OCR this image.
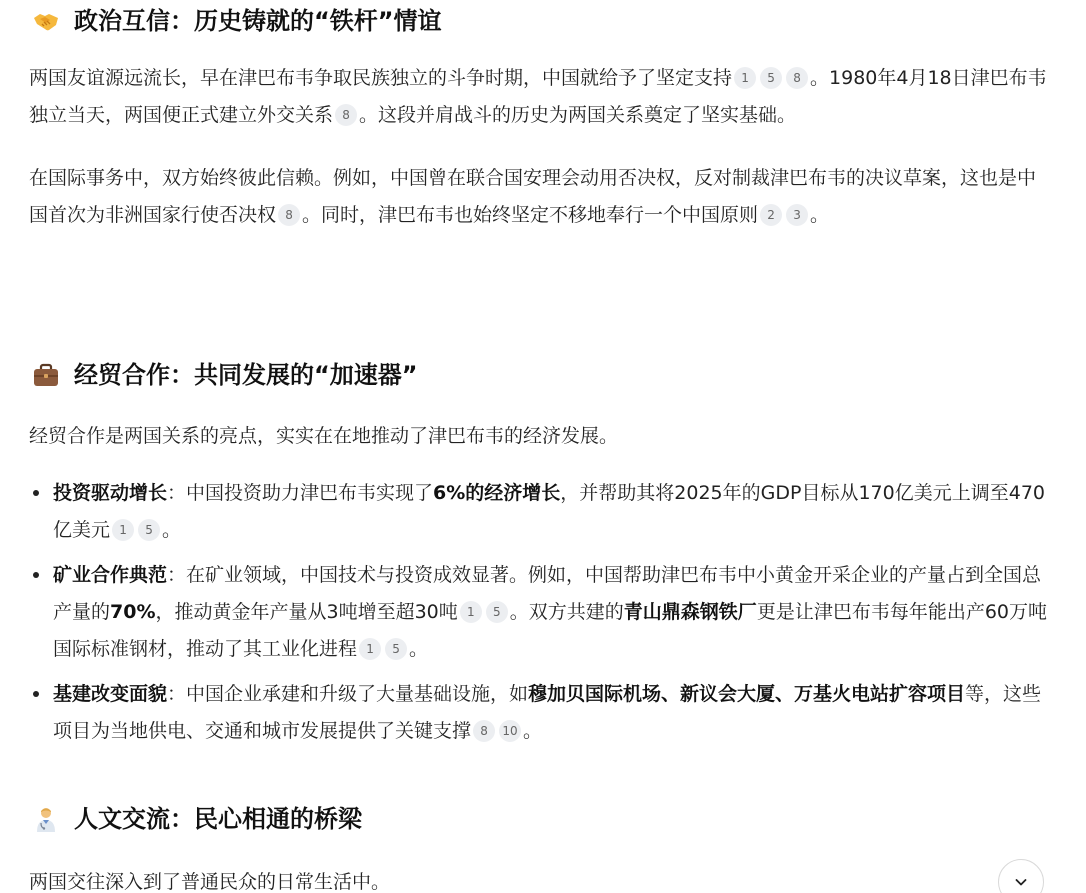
政治互信：历史铸就的“铁杆”情谊

两国友谊源远流长，早在津巴布韦争取民族独立的斗争时期，中国就给予了坚定支持 1 5 8 。1980年4月18日津巴布韦独立当天，两国便正式建立外交关系 8 。这段并肩战斗的历史为两国关系奠定了坚实基础。

在国际事务中，双方始终彼此信赖。例如，中国曾在联合国安理会动用否决权，反对制裁津巴布韦的决议草案，这也是中国首次为非洲国家行使否决权 8 。同时，津巴布韦也始终坚定不移地奉行一个中国原则 2 3 。

经贸合作：共同发展的“加速器”

经贸合作是两国关系的亮点，实实在在地推动了津巴布韦的经济发展。

投资驱动增长：中国投资助力津巴布韦实现了6%的经济增长，并帮助其将2025年的GDP目标从170亿美元上调至470亿美元 1 5 。
矿业合作典范：在矿业领域，中国技术与投资成效显著。例如，中国帮助津巴布韦中小黄金开采企业的产量占到全国总产量的70%，推动黄金年产量从3吨增至超30吨 1 5 。双方共建的青山鼎森钢铁厂更是让津巴布韦每年能出产60万吨国际标准钢材，推动了其工业化进程 1 5 。
基建改变面貌：中国企业承建和升级了大量基础设施，如穆加贝国际机场、新议会大厦、万基火电站扩容项目等，这些项目为当地供电、交通和城市发展提供了关键支撑 8 10 。
人文交流：民心相通的桥梁

两国交往深入到了普通民众的日常生活中。
